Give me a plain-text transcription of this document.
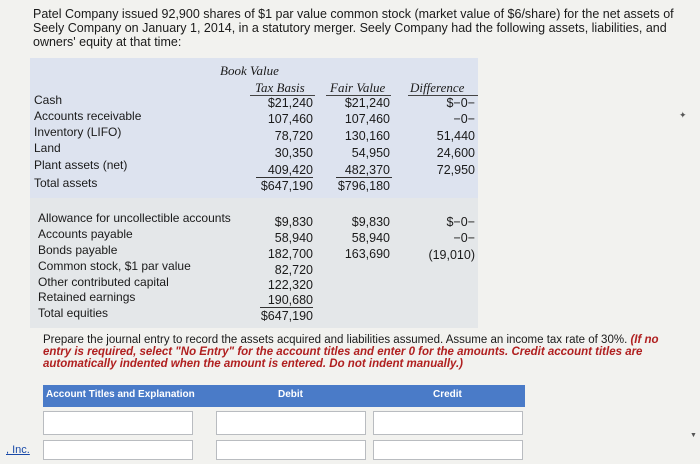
Patel Company issued 92,900 shares of $1 par value common stock (market value of $6/share) for the net assets of Seely Company on January 1, 2014, in a statutory merger. Seely Company had the following assets, liabilities, and owners' equity at that time:
Book Value
Tax Basis Fair Value Difference
Cash	$21,240	$21,240	$−0−
Accounts receivable	107,460	107,460	−0−
Inventory (LIFO)	78,720	130,160	51,440
Land	30,350	54,950	24,600
Plant assets (net)	409,420	482,370	72,950
Total assets	$647,190	$796,180
Allowance for uncollectible accounts	$9,830	$9,830	$−0−
Accounts payable	58,940	58,940	−0−
Bonds payable	182,700	163,690	(19,010)
Common stock, $1 par value	82,720
Other contributed capital	122,320
Retained earnings	190,680
Total equities	$647,190
Prepare the journal entry to record the assets acquired and liabilities assumed. Assume an income tax rate of 30%. (If no entry is required, select "No Entry" for the account titles and enter 0 for the amounts. Credit account titles are automatically indented when the amount is entered. Do not indent manually.)
Account Titles and Explanation	Debit	Credit
, Inc.
✦
▼
